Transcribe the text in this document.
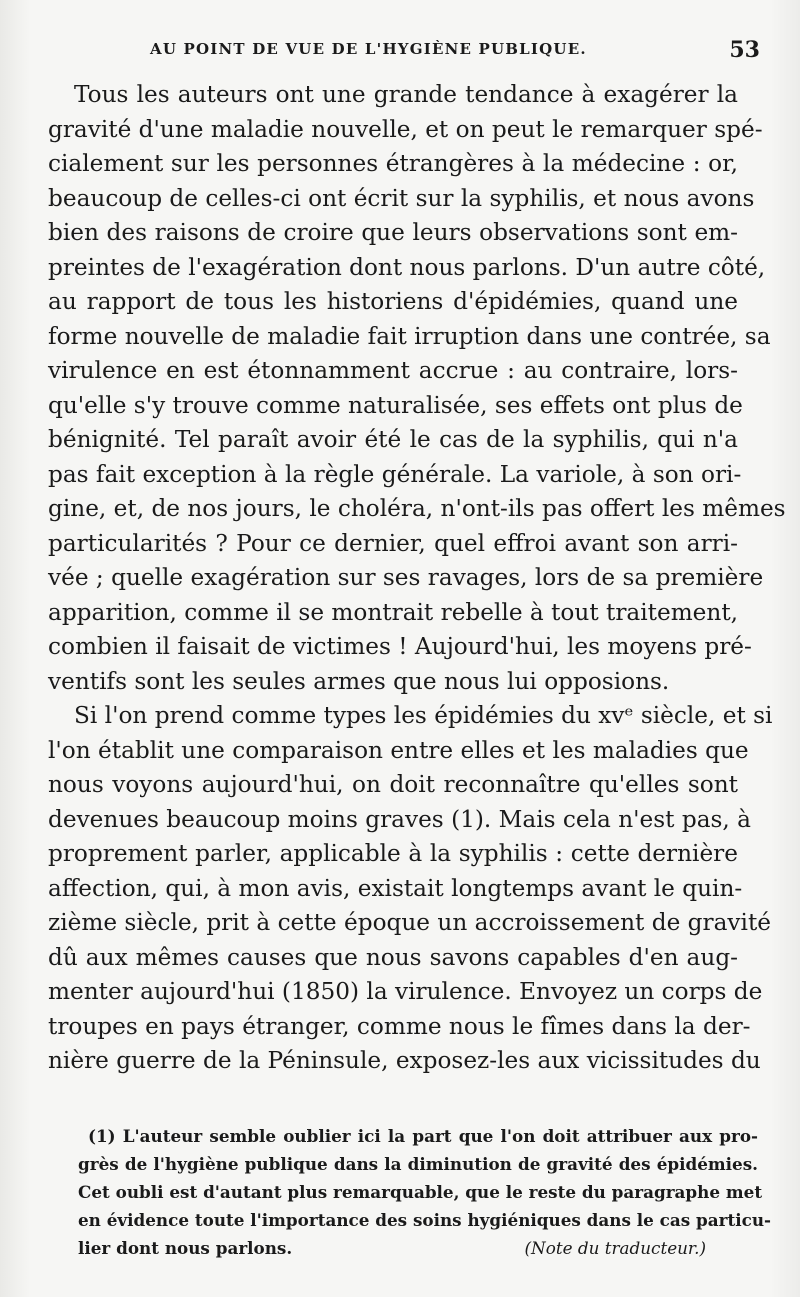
AU POINT DE VUE DE L'HYGIÈNE PUBLIQUE.	53
Tous les auteurs ont une grande tendance à exagérer la
gravité d'une maladie nouvelle, et on peut le remarquer spé-
cialement sur les personnes étrangères à la médecine : or,
beaucoup de celles-ci ont écrit sur la syphilis, et nous avons
bien des raisons de croire que leurs observations sont em-
preintes de l'exagération dont nous parlons. D'un autre côté,
au rapport de tous les historiens d'épidémies, quand une
forme nouvelle de maladie fait irruption dans une contrée, sa
virulence en est étonnamment accrue : au contraire, lors-
qu'elle s'y trouve comme naturalisée, ses effets ont plus de
bénignité. Tel paraît avoir été le cas de la syphilis, qui n'a
pas fait exception à la règle générale. La variole, à son ori-
gine, et, de nos jours, le choléra, n'ont-ils pas offert les mêmes
particularités ? Pour ce dernier, quel effroi avant son arri-
vée ; quelle exagération sur ses ravages, lors de sa première
apparition, comme il se montrait rebelle à tout traitement,
combien il faisait de victimes ! Aujourd'hui, les moyens pré-
ventifs sont les seules armes que nous lui opposions.
Si l'on prend comme types les épidémies du xvᵉ siècle, et si
l'on établit une comparaison entre elles et les maladies que
nous voyons aujourd'hui, on doit reconnaître qu'elles sont
devenues beaucoup moins graves (1). Mais cela n'est pas, à
proprement parler, applicable à la syphilis : cette dernière
affection, qui, à mon avis, existait longtemps avant le quin-
zième siècle, prit à cette époque un accroissement de gravité
dû aux mêmes causes que nous savons capables d'en aug-
menter aujourd'hui (1850) la virulence. Envoyez un corps de
troupes en pays étranger, comme nous le fîmes dans la der-
nière guerre de la Péninsule, exposez-les aux vicissitudes du
(1) L'auteur semble oublier ici la part que l'on doit attribuer aux pro-
grès de l'hygiène publique dans la diminution de gravité des épidémies.
Cet oubli est d'autant plus remarquable, que le reste du paragraphe met
en évidence toute l'importance des soins hygiéniques dans le cas particu-
lier dont nous parlons.	(Note du traducteur.)
